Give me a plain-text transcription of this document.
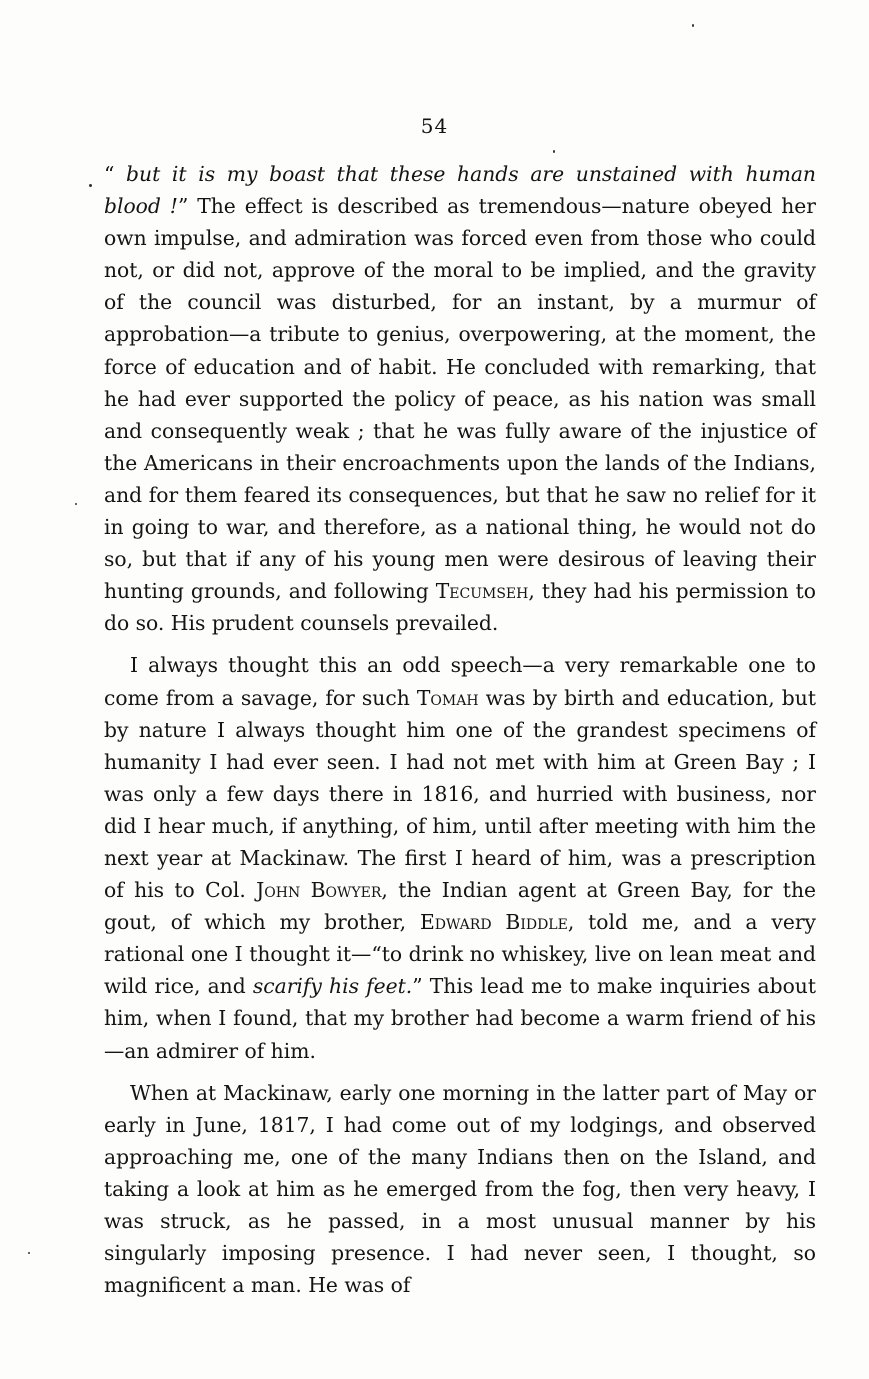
54

“ but it is my boast that these hands are unstained with human blood !” The effect is described as tremendous—nature obeyed her own impulse, and admiration was forced even from those who could not, or did not, approve of the moral to be implied, and the gravity of the council was disturbed, for an instant, by a murmur of approbation—a tribute to genius, overpowering, at the moment, the force of education and of habit. He concluded with remarking, that he had ever supported the policy of peace, as his nation was small and consequently weak ; that he was fully aware of the injustice of the Americans in their encroachments upon the lands of the Indians, and for them feared its consequences, but that he saw no relief for it in going to war, and therefore, as a national thing, he would not do so, but that if any of his young men were desirous of leaving their hunting grounds, and following Tecumseh, they had his permission to do so. His prudent counsels prevailed.

I always thought this an odd speech—a very remarkable one to come from a savage, for such Tomah was by birth and education, but by nature I always thought him one of the grandest specimens of humanity I had ever seen. I had not met with him at Green Bay ; I was only a few days there in 1816, and hurried with business, nor did I hear much, if anything, of him, until after meeting with him the next year at Mackinaw. The first I heard of him, was a prescription of his to Col. John Bowyer, the Indian agent at Green Bay, for the gout, of which my brother, Edward Biddle, told me, and a very rational one I thought it—“to drink no whiskey, live on lean meat and wild rice, and scarify his feet.” This lead me to make inquiries about him, when I found, that my brother had become a warm friend of his—an admirer of him.

When at Mackinaw, early one morning in the latter part of May or early in June, 1817, I had come out of my lodgings, and observed approaching me, one of the many Indians then on the Island, and taking a look at him as he emerged from the fog, then very heavy, I was struck, as he passed, in a most unusual manner by his singularly imposing presence. I had never seen, I thought, so magnificent a man. He was of
